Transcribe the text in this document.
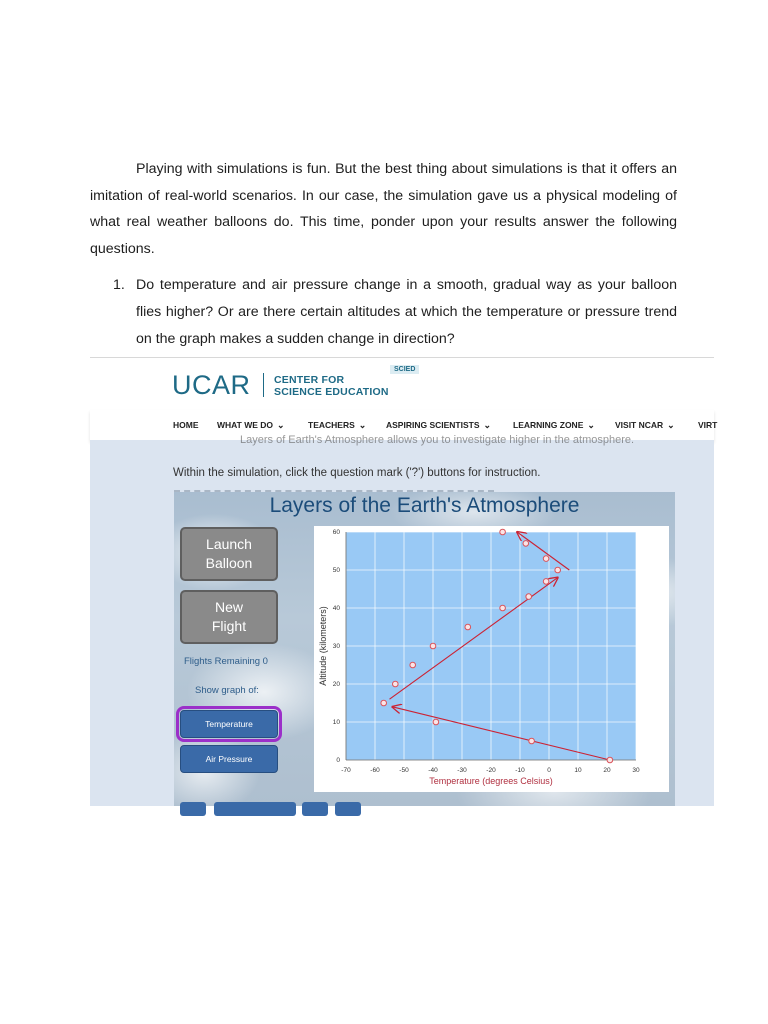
Playing with simulations is fun. But the best thing about simulations is that it offers an imitation of real-world scenarios. In our case, the simulation gave us a physical modeling of what real weather balloons do. This time, ponder upon your results answer the following questions.
1. Do temperature and air pressure change in a smooth, gradual way as your balloon flies higher? Or are there certain altitudes at which the temperature or pressure trend on the graph makes a sudden change in direction?
UCAR CENTER FOR
SCIENCE EDUCATION
SCIED
HOME WHAT WE DO ⌄	TEACHERS ⌄ ASPIRING SCIENTISTS ⌄	LEARNING ZONE ⌄ VISIT NCAR ⌄	VIRT
Layers of Earth's Atmosphere allows you to investigate higher in the atmosphere.
Within the simulation, click the question mark ('?') buttons for instruction.
Layers of the Earth's Atmosphere
Launch Balloon
New Flight
Flights Remaining 0
Show graph of:
Temperature
Air Pressure
-70	-60	-50	-40	-30	-20	-10	0	10	20	30
0
10
20
30
40
50
60
Temperature (degrees Celsius)
Altitude (kilometers)
